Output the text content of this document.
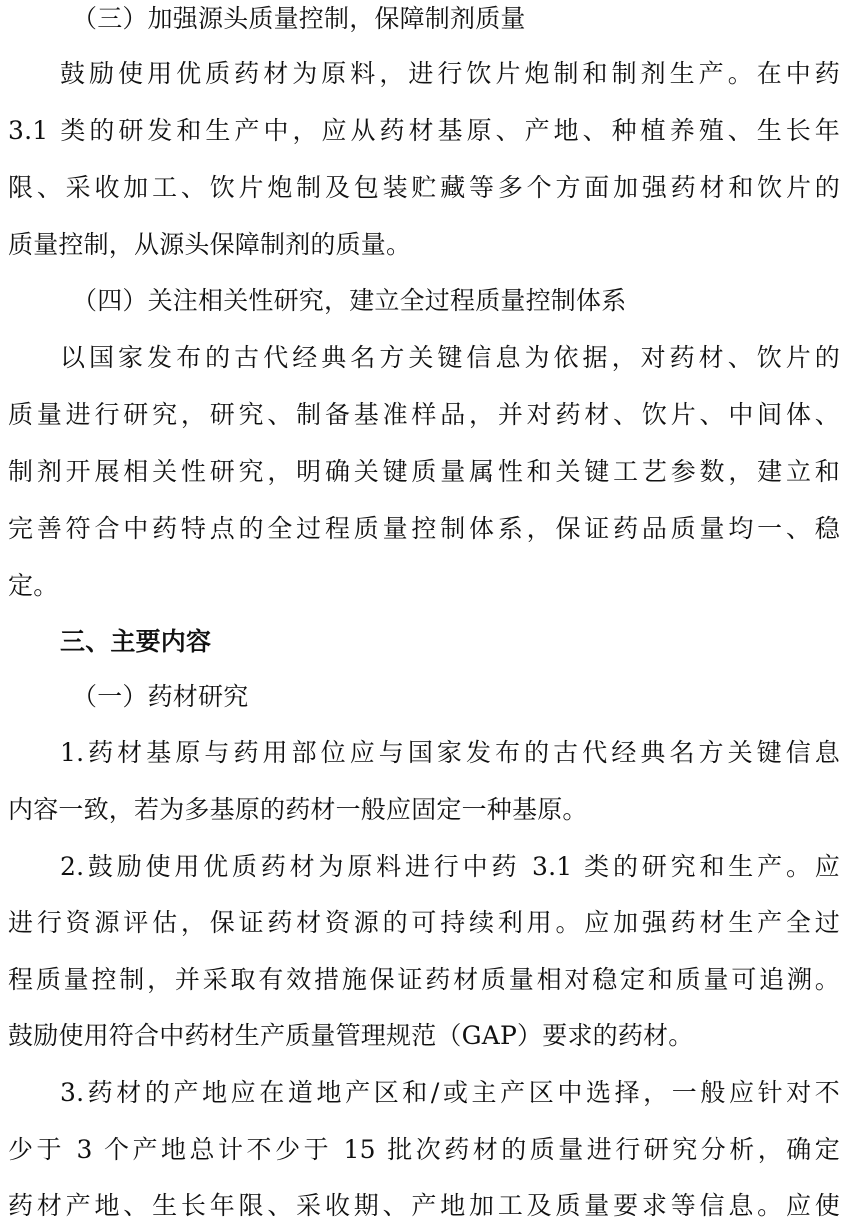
（三）加强源头质量控制，保障制剂质量
鼓励使用优质药材为原料，进行饮片炮制和制剂生产。在中药
3.1 类的研发和生产中，应从药材基原、产地、种植养殖、生长年
限、采收加工、饮片炮制及包装贮藏等多个方面加强药材和饮片的
质量控制，从源头保障制剂的质量。
（四）关注相关性研究，建立全过程质量控制体系
以国家发布的古代经典名方关键信息为依据，对药材、饮片的
质量进行研究，研究、制备基准样品，并对药材、饮片、中间体、
制剂开展相关性研究，明确关键质量属性和关键工艺参数，建立和
完善符合中药特点的全过程质量控制体系，保证药品质量均一、稳
定。
三、主要内容
（一）药材研究
1.药材基原与药用部位应与国家发布的古代经典名方关键信息
内容一致，若为多基原的药材一般应固定一种基原。
2.鼓励使用优质药材为原料进行中药 3.1 类的研究和生产。应
进行资源评估，保证药材资源的可持续利用。应加强药材生产全过
程质量控制，并采取有效措施保证药材质量相对稳定和质量可追溯。
鼓励使用符合中药材生产质量管理规范（GAP）要求的药材。
3.药材的产地应在道地产区和/或主产区中选择，一般应针对不
少于 3 个产地总计不少于 15 批次药材的质量进行研究分析，确定
药材产地、生长年限、采收期、产地加工及质量要求等信息。应使
